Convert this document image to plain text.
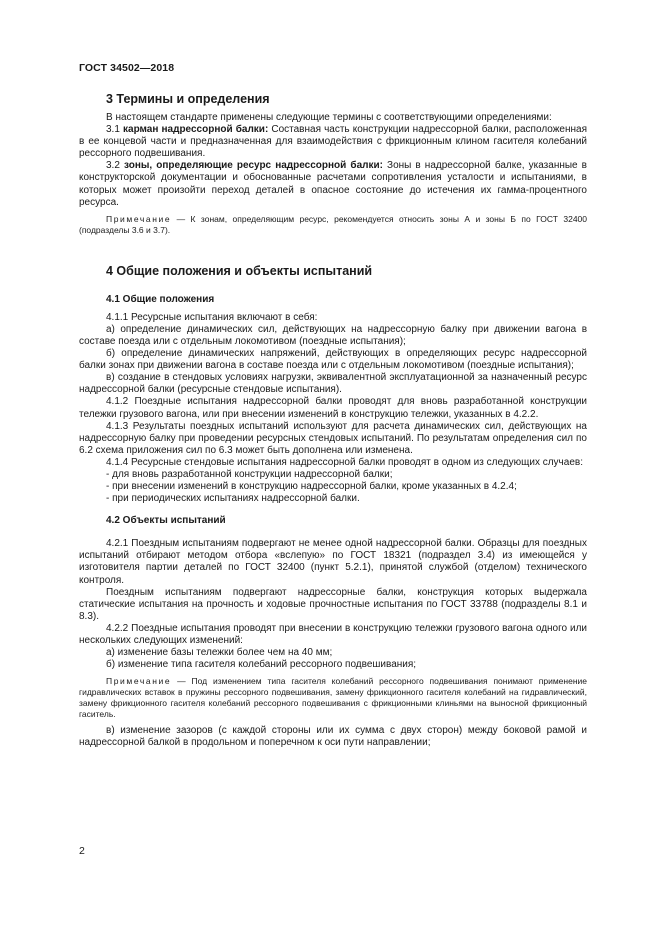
ГОСТ 34502—2018
3 Термины и определения

В настоящем стандарте применены следующие термины с соответствующими определениями:

3.1 карман надрессорной балки: Составная часть конструкции надрессорной балки, расположенная в ее концевой части и предназначенная для взаимодействия с фрикционным клином гасителя колебаний рессорного подвешивания.

3.2 зоны, определяющие ресурс надрессорной балки: Зоны в надрессорной балке, указанные в конструкторской документации и обоснованные расчетами сопротивления усталости и испытаниями, в которых может произойти переход деталей в опасное состояние до истечения их гамма-процентного ресурса.

Примечание — К зонам, определяющим ресурс, рекомендуется относить зоны А и зоны Б по ГОСТ 32400 (подразделы 3.6 и 3.7).

4 Общие положения и объекты испытаний
4.1 Общие положения

4.1.1 Ресурсные испытания включают в себя:

а) определение динамических сил, действующих на надрессорную балку при движении вагона в составе поезда или с отдельным локомотивом (поездные испытания);

б) определение динамических напряжений, действующих в определяющих ресурс надрессорной балки зонах при движении вагона в составе поезда или с отдельным локомотивом (поездные испытания);

в) создание в стендовых условиях нагрузки, эквивалентной эксплуатационной за назначенный ресурс надрессорной балки (ресурсные стендовые испытания).

4.1.2 Поездные испытания надрессорной балки проводят для вновь разработанной конструкции тележки грузового вагона, или при внесении изменений в конструкцию тележки, указанных в 4.2.2.

4.1.3 Результаты поездных испытаний используют для расчета динамических сил, действующих на надрессорную балку при проведении ресурсных стендовых испытаний. По результатам определения сил по 6.2 схема приложения сил по 6.3 может быть дополнена или изменена.

4.1.4 Ресурсные стендовые испытания надрессорной балки проводят в одном из следующих случаев:

- для вновь разработанной конструкции надрессорной балки;
- при внесении изменений в конструкцию надрессорной балки, кроме указанных в 4.2.4;
- при периодических испытаниях надрессорной балки.
4.2 Объекты испытаний

4.2.1 Поездным испытаниям подвергают не менее одной надрессорной балки. Образцы для поездных испытаний отбирают методом отбора «вслепую» по ГОСТ 18321 (подраздел 3.4) из имеющейся у изготовителя партии деталей по ГОСТ 32400 (пункт 5.2.1), принятой службой (отделом) технического контроля.

Поездным испытаниям подвергают надрессорные балки, конструкция которых выдержала статические испытания на прочность и ходовые прочностные испытания по ГОСТ 33788 (подразделы 8.1 и 8.3).

4.2.2 Поездные испытания проводят при внесении в конструкцию тележки грузового вагона одного или нескольких следующих изменений:

а) изменение базы тележки более чем на 40 мм;

б) изменение типа гасителя колебаний рессорного подвешивания;

Примечание — Под изменением типа гасителя колебаний рессорного подвешивания понимают применение гидравлических вставок в пружины рессорного подвешивания, замену фрикционного гасителя колебаний на гидравлический, замену фрикционного гасителя колебаний рессорного подвешивания с фрикционными клиньями на выносной фрикционный гаситель.

в) изменение зазоров (с каждой стороны или их сумма с двух сторон) между боковой рамой и надрессорной балкой в продольном и поперечном к оси пути направлении;

2
